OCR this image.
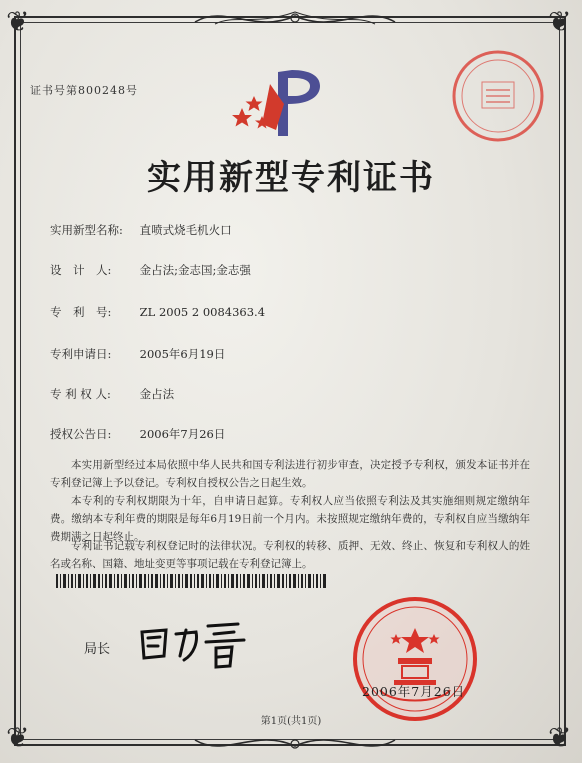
❦	❦
❦	❦
证书号第800248号
实用新型专利证书
实用新型名称: 直喷式烧毛机火口
设　计　人: 金占法;金志国;金志强
专　利　号: ZL 2005 2 0084363.4
专利申请日: 2005年6月19日
专 利 权 人:	金占法
授权公告日: 2006年7月26日
本实用新型经过本局依照中华人民共和国专利法进行初步审查，决定授予专利权，颁发本证书并在专利登记簿上予以登记。专利权自授权公告之日起生效。
本专利的专利权期限为十年，自申请日起算。专利权人应当依照专利法及其实施细则规定缴纳年费。缴纳本专利年费的期限是每年6月19日前一个月内。未按照规定缴纳年费的，专利权自应当缴纳年费期满之日起终止。
专利证书记载专利权登记时的法律状况。专利权的转移、质押、无效、终止、恢复和专利权人的姓名或名称、国籍、地址变更等事项记载在专利登记簿上。
局长
2006年7月26日
第1页(共1页)
